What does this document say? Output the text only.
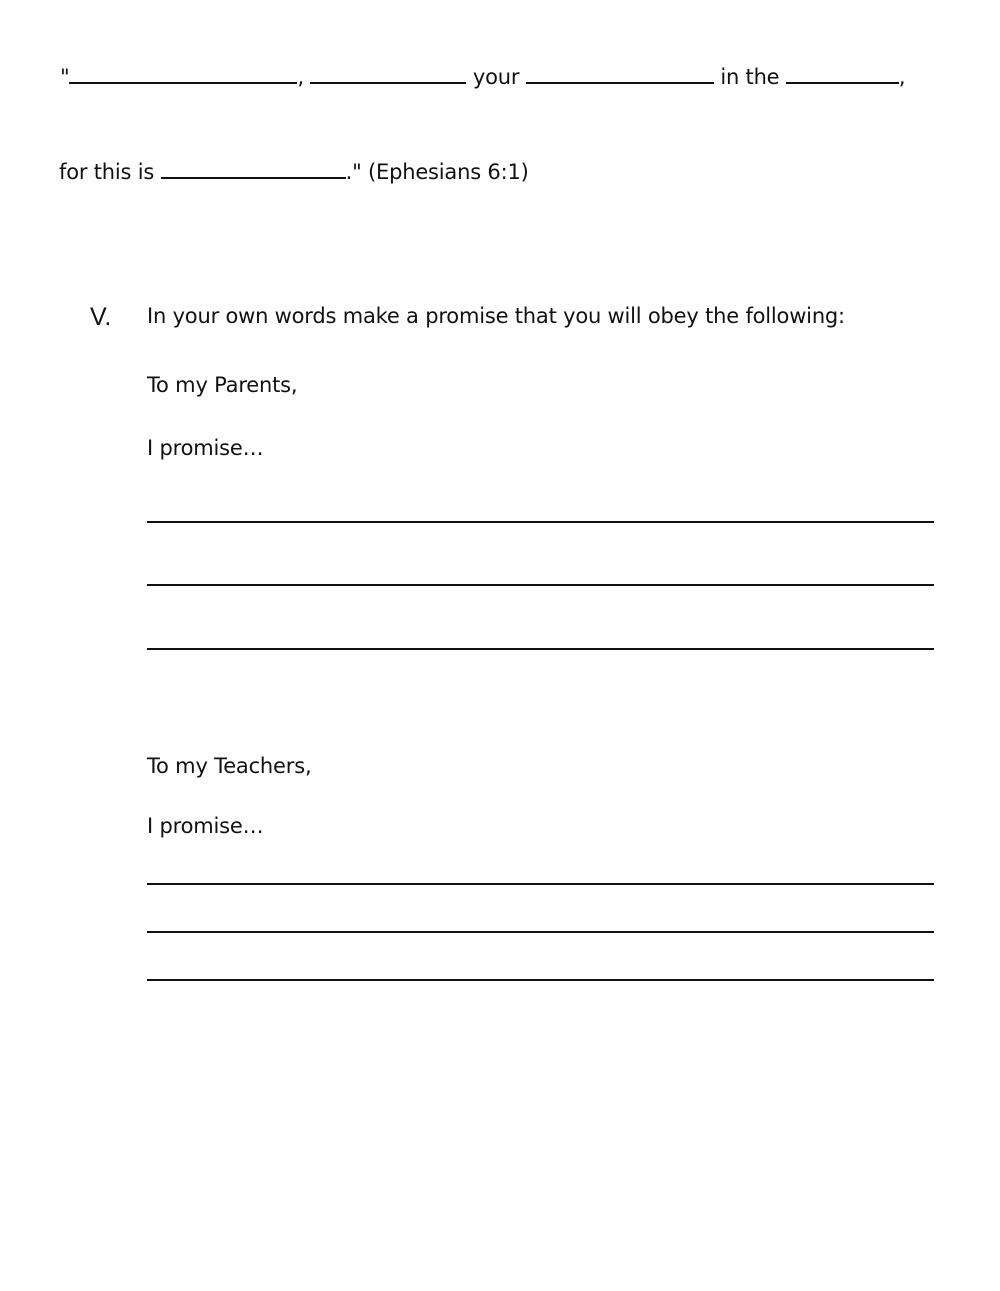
"	,	your	in the	,
for this is	." (Ephesians 6:1)
V. In your own words make a promise that you will obey the following:
To my Parents,
I promise…
To my Teachers,
I promise…
